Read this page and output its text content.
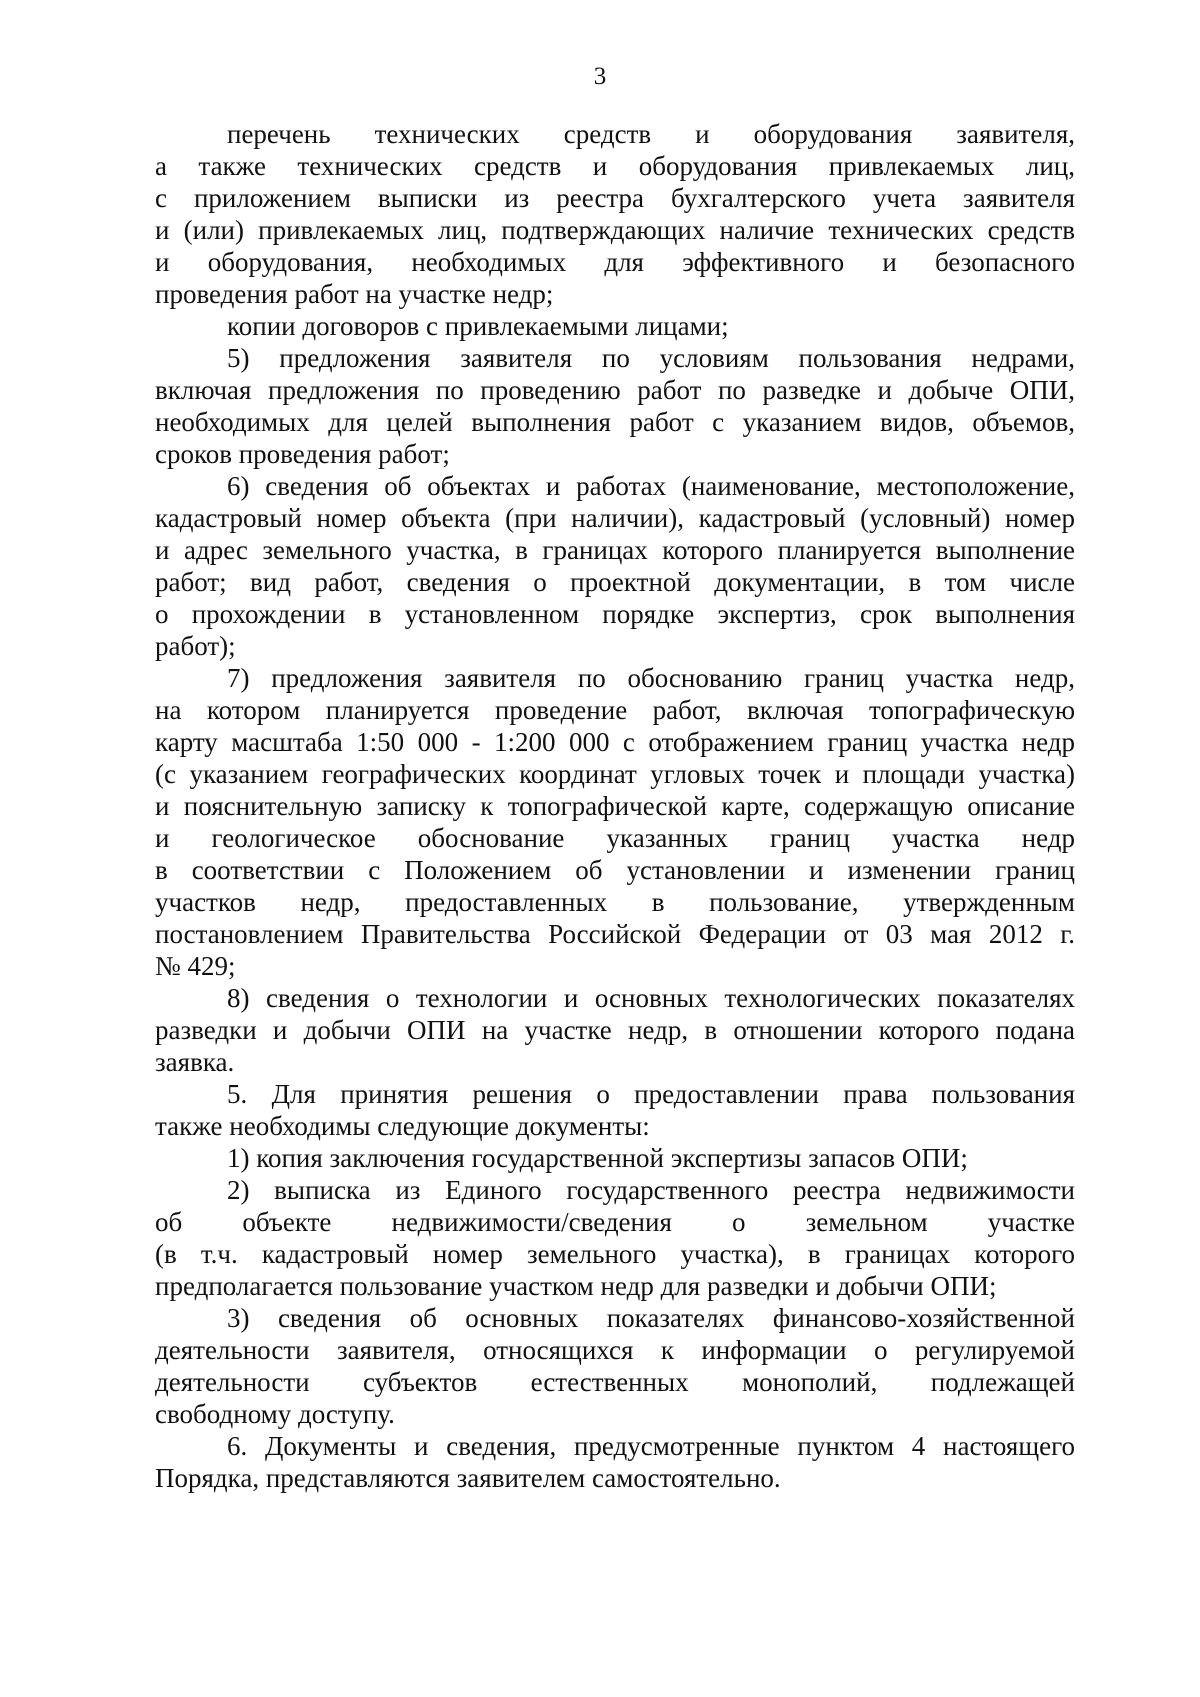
3
перечень технических средств и оборудования заявителя,
а также технических средств и оборудования привлекаемых лиц,
с приложением выписки из реестра бухгалтерского учета заявителя
и (или) привлекаемых лиц, подтверждающих наличие технических средств
и оборудования, необходимых для эффективного и безопасного
проведения работ на участке недр;
копии договоров с привлекаемыми лицами;
5) предложения заявителя по условиям пользования недрами,
включая предложения по проведению работ по разведке и добыче ОПИ,
необходимых для целей выполнения работ с указанием видов, объемов,
сроков проведения работ;
6) сведения об объектах и работах (наименование, местоположение,
кадастровый номер объекта (при наличии), кадастровый (условный) номер
и адрес земельного участка, в границах которого планируется выполнение
работ; вид работ, сведения о проектной документации, в том числе
о прохождении в установленном порядке экспертиз, срок выполнения
работ);
7) предложения заявителя по обоснованию границ участка недр,
на котором планируется проведение работ, включая топографическую
карту масштаба 1:50 000 - 1:200 000 с отображением границ участка недр
(с указанием географических координат угловых точек и площади участка)
и пояснительную записку к топографической карте, содержащую описание
и геологическое обоснование указанных границ участка недр
в соответствии с Положением об установлении и изменении границ
участков недр, предоставленных в пользование, утвержденным
постановлением Правительства Российской Федерации от 03 мая 2012 г.
№ 429;
8) сведения о технологии и основных технологических показателях
разведки и добычи ОПИ на участке недр, в отношении которого подана
заявка.
5. Для принятия решения о предоставлении права пользования
также необходимы следующие документы:
1) копия заключения государственной экспертизы запасов ОПИ;
2) выписка из Единого государственного реестра недвижимости
об объекте недвижимости/сведения о земельном участке
(в т.ч. кадастровый номер земельного участка), в границах которого
предполагается пользование участком недр для разведки и добычи ОПИ;
3) сведения об основных показателях финансово-хозяйственной
деятельности заявителя, относящихся к информации о регулируемой
деятельности субъектов естественных монополий, подлежащей
свободному доступу.
6. Документы и сведения, предусмотренные пунктом 4 настоящего
Порядка, представляются заявителем самостоятельно.
